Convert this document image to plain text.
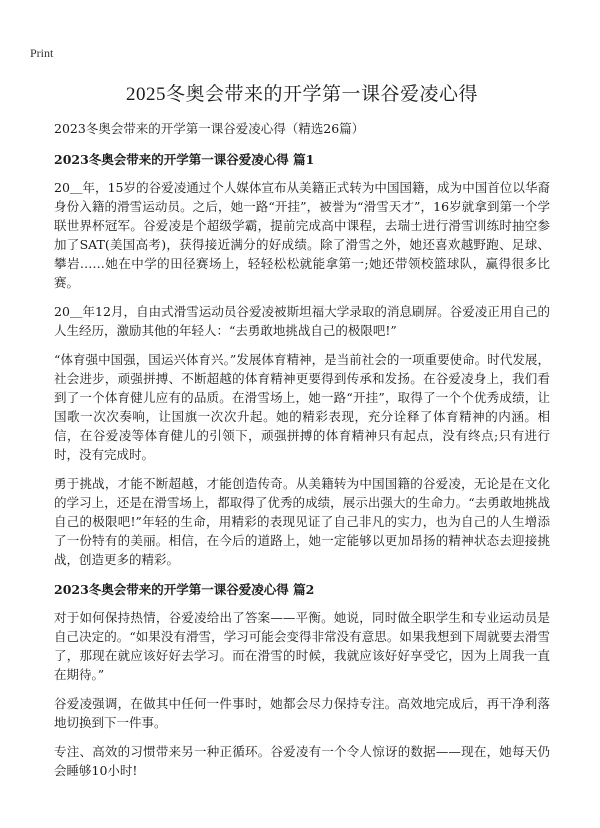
Print
2025冬奥会带来的开学第一课谷爱凌心得
2023冬奥会带来的开学第一课谷爱凌心得（精选26篇）
2023冬奥会带来的开学第一课谷爱凌心得 篇1

20＿年，15岁的谷爱凌通过个人媒体宣布从美籍正式转为中国国籍，成为中国首位以华裔身份入籍的滑雪运动员。之后，她一路“开挂”，被誉为“滑雪天才”，16岁就拿到第一个学联世界杯冠军。谷爱凌是个超级学霸，提前完成高中课程，去瑞士进行滑雪训练时抽空参加了SAT(美国高考)，获得接近满分的好成绩。除了滑雪之外，她还喜欢越野跑、足球、攀岩……她在中学的田径赛场上，轻轻松松就能拿第一;她还带领校篮球队，赢得很多比赛。

20＿年12月，自由式滑雪运动员谷爱凌被斯坦福大学录取的消息刷屏。谷爱凌正用自己的人生经历，激励其他的年轻人：“去勇敢地挑战自己的极限吧!”

“体育强中国强，国运兴体育兴。”发展体育精神，是当前社会的一项重要使命。时代发展，社会进步，顽强拼搏、不断超越的体育精神更要得到传承和发扬。在谷爱凌身上，我们看到了一个体育健儿应有的品质。在滑雪场上，她一路“开挂”，取得了一个个优秀成绩，让国歌一次次奏响，让国旗一次次升起。她的精彩表现，充分诠释了体育精神的内涵。相信，在谷爱凌等体育健儿的引领下，顽强拼搏的体育精神只有起点，没有终点;只有进行时，没有完成时。

勇于挑战，才能不断超越，才能创造传奇。从美籍转为中国国籍的谷爱凌，无论是在文化的学习上，还是在滑雪场上，都取得了优秀的成绩，展示出强大的生命力。“去勇敢地挑战自己的极限吧!”年轻的生命，用精彩的表现见证了自己非凡的实力，也为自己的人生增添了一份特有的美丽。相信，在今后的道路上，她一定能够以更加昂扬的精神状态去迎接挑战，创造更多的精彩。

2023冬奥会带来的开学第一课谷爱凌心得 篇2

对于如何保持热情，谷爱凌给出了答案——平衡。她说，同时做全职学生和专业运动员是自己决定的。“如果没有滑雪，学习可能会变得非常没有意思。如果我想到下周就要去滑雪了，那现在就应该好好去学习。而在滑雪的时候，我就应该好好享受它，因为上周我一直在期待。”

谷爱凌强调，在做其中任何一件事时，她都会尽力保持专注。高效地完成后，再干净利落地切换到下一件事。

专注、高效的习惯带来另一种正循环。谷爱凌有一个令人惊讶的数据——现在，她每天仍会睡够10小时!
